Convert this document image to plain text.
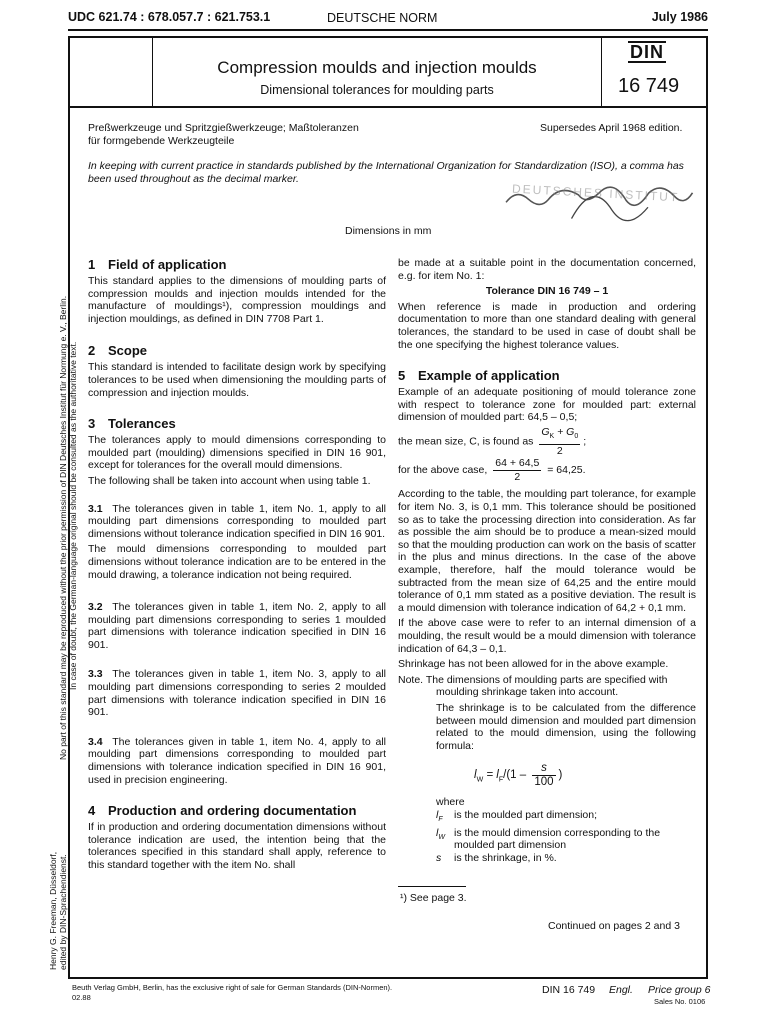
UDC 621.74 : 678.057.7 : 621.753.1	DEUTSCHE NORM	July 1986
Compression moulds and injection moulds
Dimensional tolerances for moulding parts
DIN
16 749
Preßwerkzeuge und Spritzgießwerkzeuge; Maßtoleranzen
für formgebende Werkzeugteile
Supersedes April 1968 edition.
In keeping with current practice in standards published by the International Organization for Standardization (ISO), a comma has been used throughout as the decimal marker.
Dimensions in mm
1 Field of application
This standard applies to the dimensions of moulding parts of compression moulds and injection moulds intended for the manufacture of mouldings¹), compression mouldings and injection mouldings, as defined in DIN 7708 Part 1.
2 Scope
This standard is intended to facilitate design work by specifying tolerances to be used when dimensioning the moulding parts of compression and injection moulds.
3 Tolerances
The tolerances apply to mould dimensions corresponding to moulded part (moulding) dimensions specified in DIN 16 901, except for tolerances for the overall mould dimensions.
The following shall be taken into account when using table 1.
3.1 The tolerances given in table 1, item No. 1, apply to all moulding part dimensions corresponding to moulded part dimensions without tolerance indication specified in DIN 16 901.
The mould dimensions corresponding to moulded part dimensions without tolerance indication are to be entered in the mould drawing, a tolerance indication not being required.
3.2 The tolerances given in table 1, item No. 2, apply to all moulding part dimensions corresponding to series 1 moulded part dimensions with tolerance indication specified in DIN 16 901.
3.3 The tolerances given in table 1, item No. 3, apply to all moulding part dimensions corresponding to series 2 moulded part dimensions with tolerance indication specified in DIN 16 901.
3.4 The tolerances given in table 1, item No. 4, apply to all moulding part dimensions corresponding to moulded part dimensions with tolerance indication specified in DIN 16 901, used in precision engineering.
4 Production and ordering documentation
If in production and ordering documentation dimensions without tolerance indication are used, the intention being that the tolerances specified in this standard shall apply, reference to this standard together with the item No. shall
be made at a suitable point in the documentation concerned, e.g. for item No. 1:
Tolerance DIN 16 749 – 1
When reference is made in production and ordering documentation to more than one standard dealing with general tolerances, the standard to be used in case of doubt shall be the one specifying the highest tolerance values.
5 Example of application
Example of an adequate positioning of mould tolerance zone with respect to tolerance zone for moulded part: external dimension of moulded part: 64,5 – 0,5;
the mean size, C, is found as $\frac{G_K + G_0}{2}$ ;
for the above case, $\frac{64 + 64,5}{2} = 64,25$.
According to the table, the moulding part tolerance, for example for item No. 3, is 0,1 mm. This tolerance should be positioned so as to take the processing direction into consideration. As far as possible the aim should be to produce a mean-sized mould so that the moulding production can work on the basis of scatter in the plus and minus directions. In the case of the above example, therefore, half the mould tolerance would be subtracted from the mean size of 64,25 and the entire mould tolerance of 0,1 mm stated as a positive deviation. The result is a mould dimension with tolerance indication of 64,2 + 0,1 mm.
If the above case were to refer to an internal dimension of a moulding, the result would be a mould dimension with tolerance indication of 64,3 – 0,1.
Shrinkage has not been allowed for in the above example.
Note. The dimensions of moulding parts are specified with moulding shrinkage taken into account.
The shrinkage is to be calculated from the difference between mould dimension and moulded part dimension related to the mould dimension, using the following formula:
$l_W = l_F/(1 - \frac{s}{100}$ )
where
$l_F$	is the moulded part dimension;
$l_W$ is the mould dimension corresponding to the moulded part dimension
s	is the shrinkage, in %.
¹) See page 3.
Continued on pages 2 and 3
No part of this standard may be reproduced without the prior permission of DIN Deutsches Institut für Normung e. V., Berlin. In case of doubt, the German-language original should be consulted as the authoritative text.
Henry G. Freeman, Düsseldorf, edited by DIN-Sprachendienst.
Beuth Verlag GmbH, Berlin, has the exclusive right of sale for German Standards (DIN-Normen).
02.88
DIN 16 749 Engl. Price group 6
Sales No. 0106
DEUTSCHES INSTITUT
